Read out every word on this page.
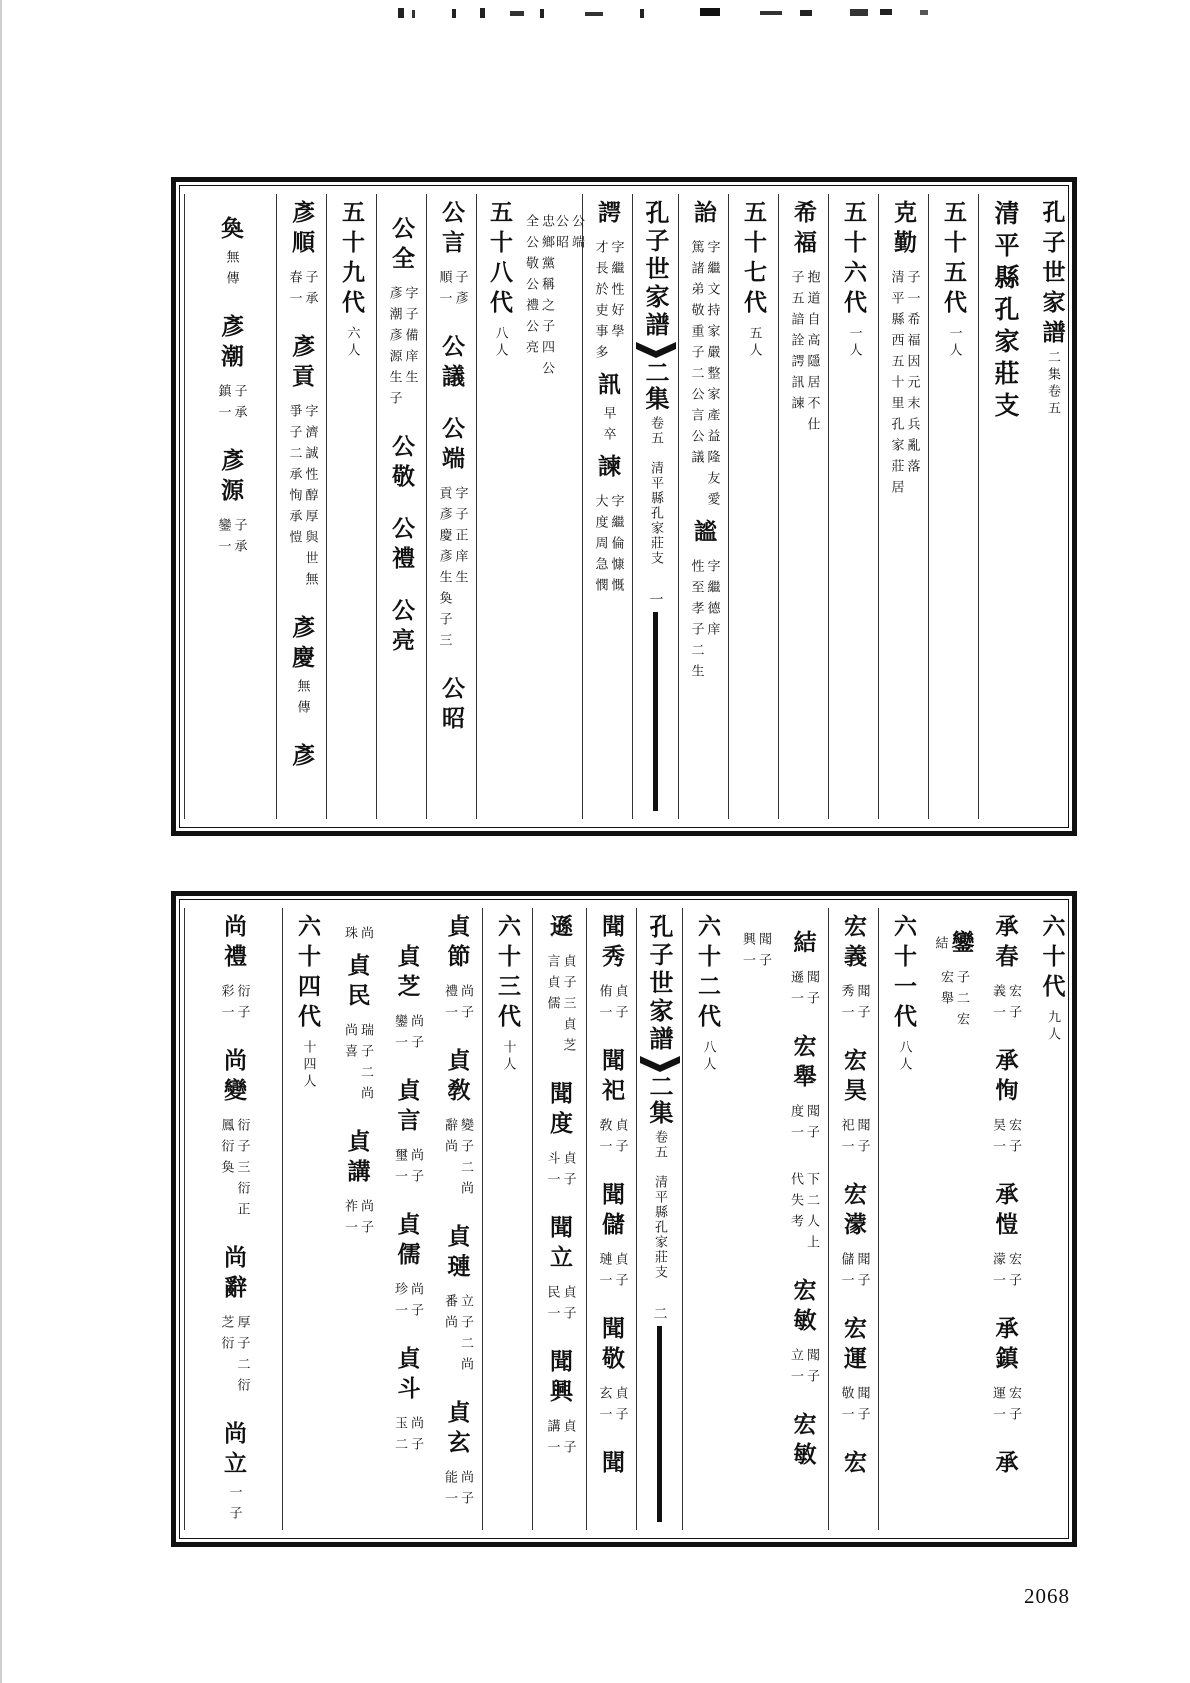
孔子世家譜
二集卷五
清平縣孔家莊支
五十五代
一人
克勤
子一希福因元末兵亂落
清平縣西五十里孔家莊居
五十六代
一人
希福
抱道自高隱居不仕
子五諳詮諤訊諫
五十七代
五人
詒
字繼文持家嚴整家產益隆友愛
篤諸弟敬重子二公言公議
謐
字繼德庠
性至孝子二生
孔子世家譜
二集
卷五　清平縣孔家莊支
一
諤
字繼性好學
才長於吏事多
訊
早卒
諫
字繼倫慷慨
大度周急憫
公端
公昭
忠鄉黨稱之子四公
全公敬公禮公亮
五十八代
八人
公言
子彥
順一
公議
公端
字子正庠生
貢彥慶彥生奐子三
公昭
公全
字子備庠生
彥潮彥源生子
公敬
公禮
公亮
五十九代
六人
彥順
子承
春一
彥貢
字濟誠性醇厚與世無
爭子二承恂承愷
彥慶
無傳
彥
奐
無傳
彥潮
子承
鎮一
彥源
子承
鑾一
六十代
九人
承春
宏子
義一
承恂
宏子
昊一
承愷
宏子
濛一
承鎮
宏子
運一
承
鑾
結
子二宏
宏舉
六十一代
八人
宏義
聞子
秀一
宏昊
聞子
祀一
宏濛
聞子
儲一
宏運
聞子
敬一
宏
結
聞子
遜一
宏舉
聞子
度一
下二人上
代失考
宏敏
聞子
立一
宏敏
聞子
興一
六十二代
八人
孔子世家譜
二集
卷五　清平縣孔家莊支
二
聞秀
貞子
侑一
聞祀
貞子
敎一
聞儲
貞子
璉一
聞敬
貞子
玄一
聞
遜
貞子三貞芝
言貞儒
聞度
貞子
斗一
聞立
貞子
民一
聞興
貞子
講一
六十三代
十人
貞節
尚子
禮一
貞敎
變子二尚
辭尚
貞璉
立子二尚
番尚
貞玄
尚子
能一
貞芝
尚子
鑾一
貞言
尚子
璽一
貞儒
尚子
珍一
貞斗
尚子
玉二
尚
珠
貞民
瑞子二尚
尚喜
貞講
尚子
祚一
六十四代
十四人
尚禮
衍子
彩一
尚變
衍子三衍正
鳳衍奐
尚辭
厚子二衍
芝衍
尚立
一子
2068
